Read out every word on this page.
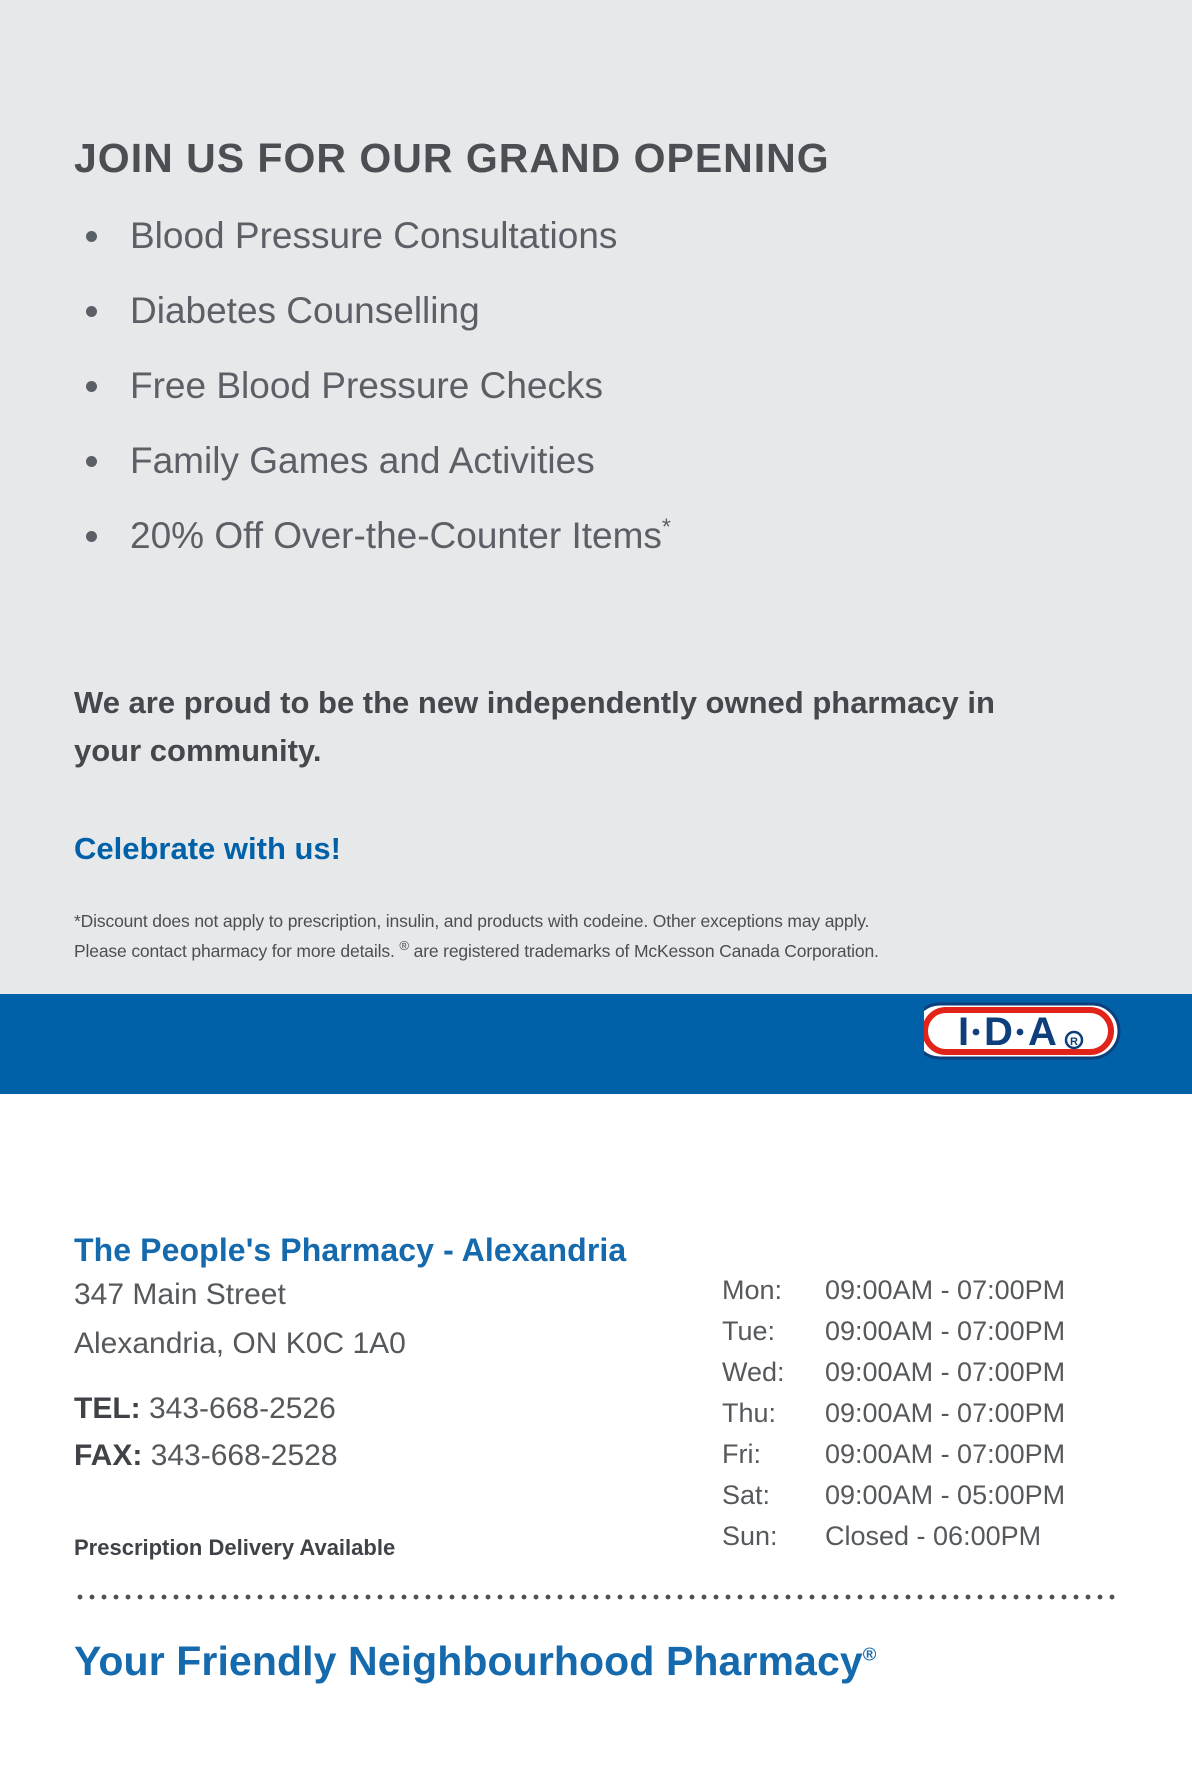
JOIN US FOR OUR GRAND OPENING
Blood Pressure Consultations
Diabetes Counselling
Free Blood Pressure Checks
Family Games and Activities
20% Off Over-the-Counter Items*

We are proud to be the new independently owned pharmacy in your community.

Celebrate with us!

*Discount does not apply to prescription, insulin, and products with codeine. Other exceptions may apply.
Please contact pharmacy for more details. ® are registered trademarks of McKesson Canada Corporation.

I D A R
The People's Pharmacy - Alexandria
347 Main Street
Alexandria, ON K0C 1A0
TEL: 343-668-2526
FAX: 343-668-2528
Prescription Delivery Available
Mon:	09:00AM - 07:00PM
Tue:	09:00AM - 07:00PM
Wed:	09:00AM - 07:00PM
Thu:	09:00AM - 07:00PM
Fri:	09:00AM - 07:00PM
Sat:	09:00AM - 05:00PM
Sun:	Closed - 06:00PM
Your Friendly Neighbourhood Pharmacy®
